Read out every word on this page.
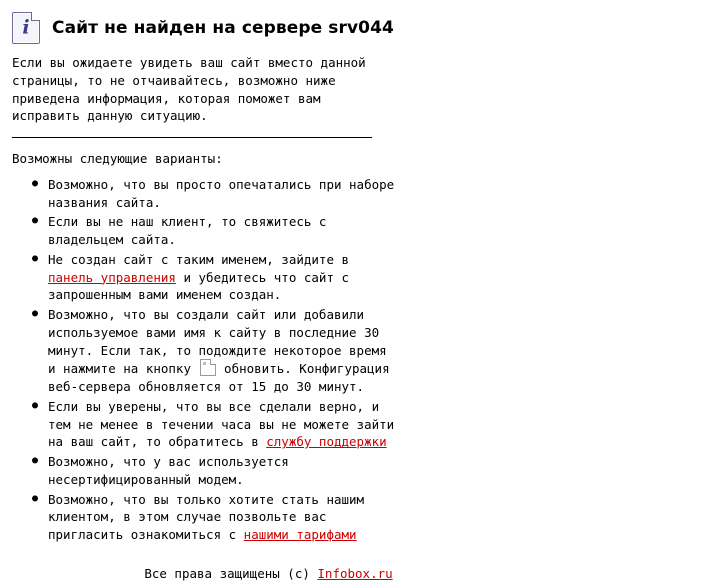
i	Сайт не найден на сервере srv044

Если вы ожидаете увидеть ваш сайт вместо данной страницы, то не отчаивайтесь, возможно ниже приведена информация, которая поможет вам исправить данную ситуацию.

Возможны следующие варианты:

● Возможно, что вы просто опечатались при наборе названия сайта.
● Если вы не наш клиент, то свяжитесь с владельцем сайта.
● Не создан сайт с таким именем, зайдите в панель управления и убедитесь что сайт с запрошенным вами именем создан.
● Возможно, что вы создали сайт или добавили используемое вами имя к сайту в последние 30 минут. Если так, то подождите некоторое время и нажмите на кнопку  обновить. Конфигурация веб-сервера обновляется от 15 до 30 минут.
● Если вы уверены, что вы все сделали верно, и тем не менее в течении часа вы не можете зайти на ваш сайт, то обратитесь в службу поддержки
● Возможно, что у вас используется несертифицированный модем.
● Возможно, что вы только хотите стать нашим клиентом, в этом случае позвольте вас пригласить ознакомиться с нашими тарифами
Все права защищены (с) Infobox.ru
